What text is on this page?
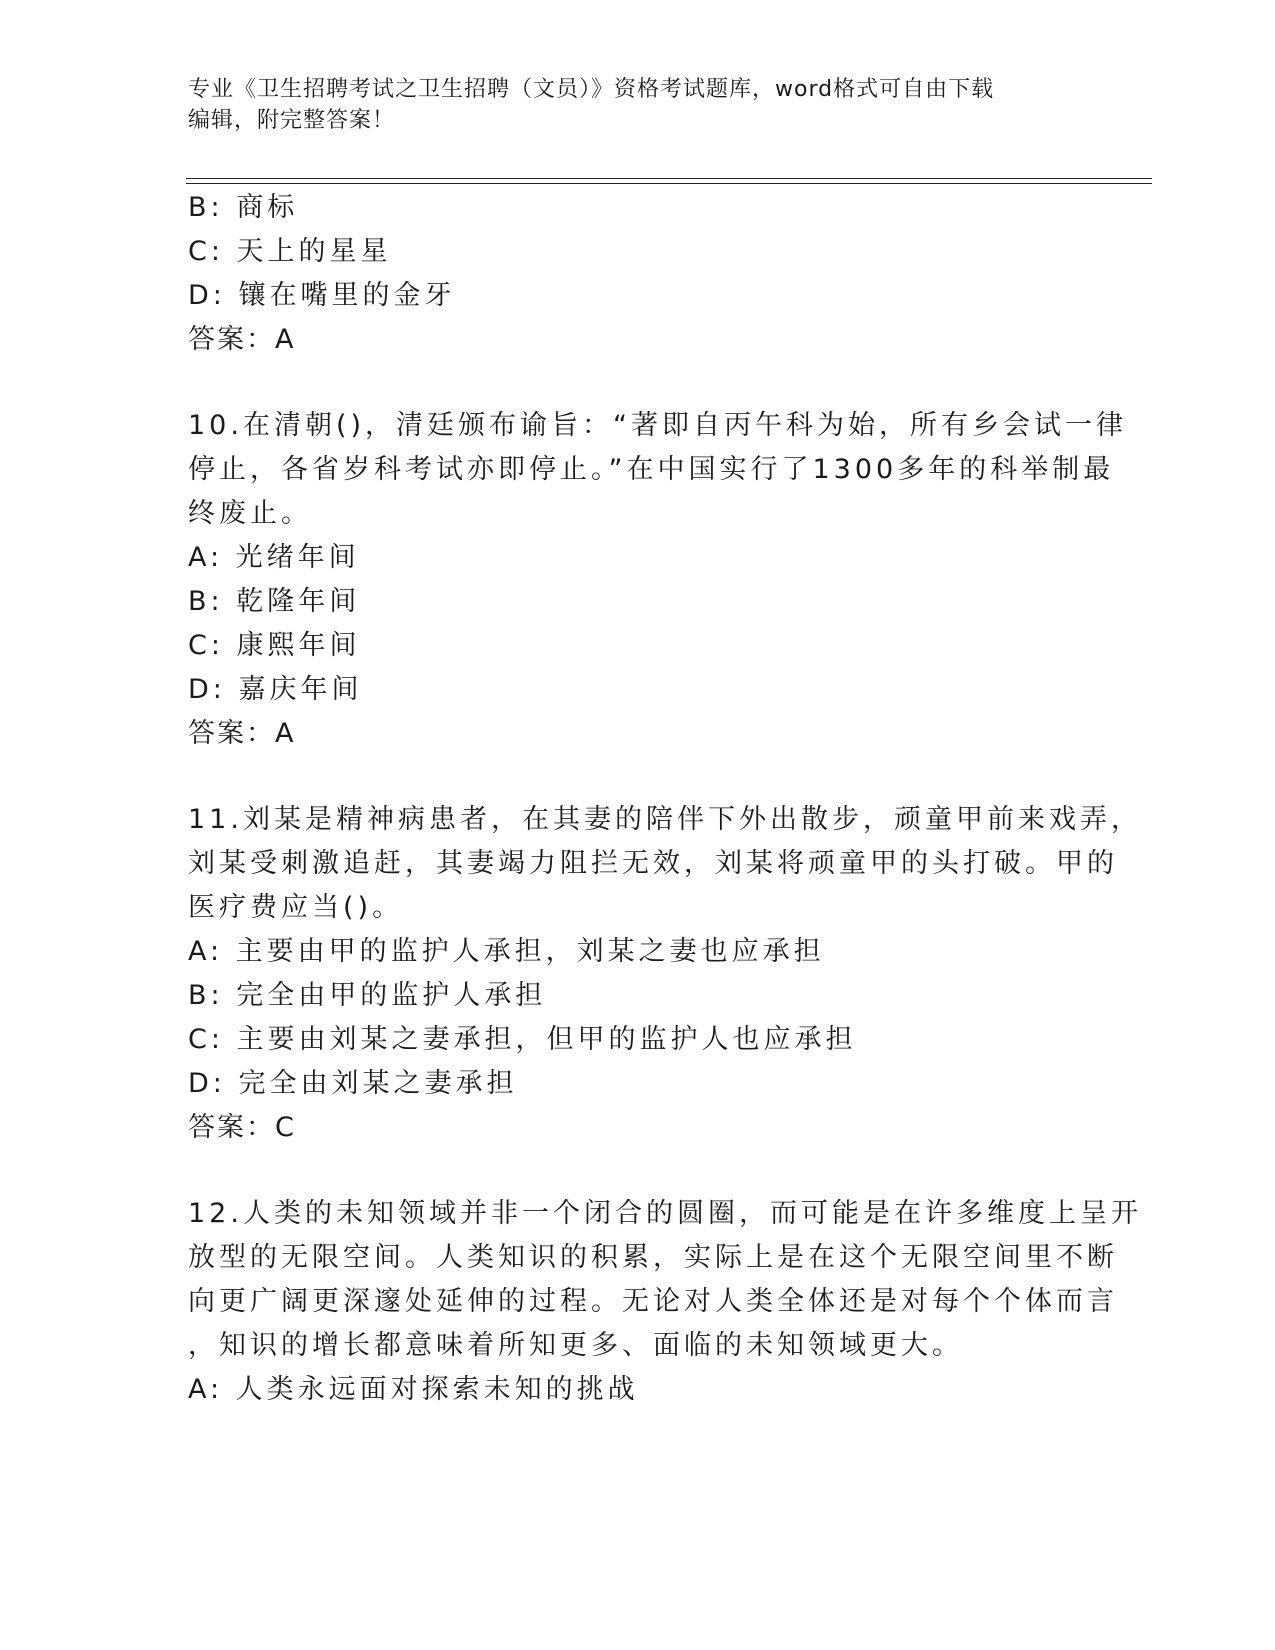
专业《卫生招聘考试之卫生招聘（文员）》资格考试题库，word格式可自由下载

编辑，附完整答案！

B: 商标
C: 天上的星星
D: 镶在嘴里的金牙
答案：A
10.在清朝()，清廷颁布谕旨：“著即自丙午科为始，所有乡会试一律
停止，各省岁科考试亦即停止。”在中国实行了1300多年的科举制最
终废止。
A: 光绪年间
B: 乾隆年间
C: 康熙年间
D: 嘉庆年间
答案：A
11.刘某是精神病患者，在其妻的陪伴下外出散步，顽童甲前来戏弄，
刘某受刺激追赶，其妻竭力阻拦无效，刘某将顽童甲的头打破。甲的
医疗费应当()。
A: 主要由甲的监护人承担，刘某之妻也应承担
B: 完全由甲的监护人承担
C: 主要由刘某之妻承担，但甲的监护人也应承担
D: 完全由刘某之妻承担
答案：C
12.人类的未知领域并非一个闭合的圆圈，而可能是在许多维度上呈开
放型的无限空间。人类知识的积累，实际上是在这个无限空间里不断
向更广阔更深邃处延伸的过程。无论对人类全体还是对每个个体而言
，知识的增长都意味着所知更多、面临的未知领域更大。
A: 人类永远面对探索未知的挑战
